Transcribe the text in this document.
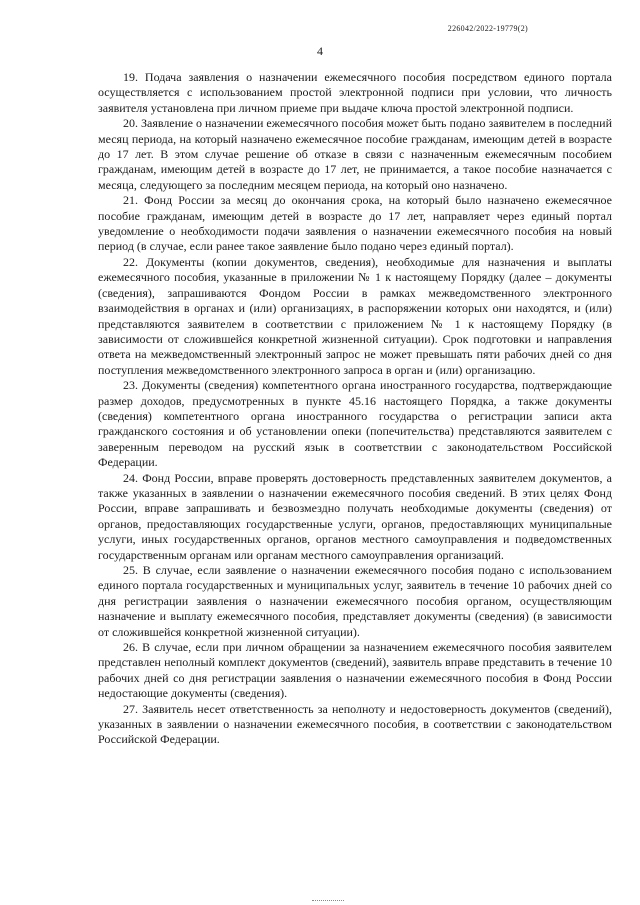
226042/2022-19779(2)
4

19. Подача заявления о назначении ежемесячного пособия посредством единого портала осуществляется с использованием простой электронной подписи при условии, что личность заявителя установлена при личном приеме при выдаче ключа простой электронной подписи.

20. Заявление о назначении ежемесячного пособия может быть подано заявителем в последний месяц периода, на который назначено ежемесячное пособие гражданам, имеющим детей в возрасте до 17 лет. В этом случае решение об отказе в связи с назначенным ежемесячным пособием гражданам, имеющим детей в возрасте до 17 лет, не принимается, а такое пособие назначается с месяца, следующего за последним месяцем периода, на который оно назначено.

21. Фонд России за месяц до окончания срока, на который было назначено ежемесячное пособие гражданам, имеющим детей в возрасте до 17 лет, направляет через единый портал уведомление о необходимости подачи заявления о назначении ежемесячного пособия на новый период (в случае, если ранее такое заявление было подано через единый портал).

22. Документы (копии документов, сведения), необходимые для назначения и выплаты ежемесячного пособия, указанные в приложении № 1 к настоящему Порядку (далее – документы (сведения), запрашиваются Фондом России в рамках межведомственного электронного взаимодействия в органах и (или) организациях, в распоряжении которых они находятся, и (или) представляются заявителем в соответствии с приложением № 1 к настоящему Порядку (в зависимости от сложившейся конкретной жизненной ситуации). Срок подготовки и направления ответа на межведомственный электронный запрос не может превышать пяти рабочих дней со дня поступления межведомственного электронного запроса в орган и (или) организацию.

23. Документы (сведения) компетентного органа иностранного государства, подтверждающие размер доходов, предусмотренных в пункте 45.16 настоящего Порядка, а также документы (сведения) компетентного органа иностранного государства о регистрации записи акта гражданского состояния и об установлении опеки (попечительства) представляются заявителем с заверенным переводом на русский язык в соответствии с законодательством Российской Федерации.

24. Фонд России, вправе проверять достоверность представленных заявителем документов, а также указанных в заявлении о назначении ежемесячного пособия сведений. В этих целях Фонд России, вправе запрашивать и безвозмездно получать необходимые документы (сведения) от органов, предоставляющих государственные услуги, органов, предоставляющих муниципальные услуги, иных государственных органов, органов местного самоуправления и подведомственных государственным органам или органам местного самоуправления организаций.

25. В случае, если заявление о назначении ежемесячного пособия подано с использованием единого портала государственных и муниципальных услуг, заявитель в течение 10 рабочих дней со дня регистрации заявления о назначении ежемесячного пособия органом, осуществляющим назначение и выплату ежемесячного пособия, представляет документы (сведения) (в зависимости от сложившейся конкретной жизненной ситуации).

26. В случае, если при личном обращении за назначением ежемесячного пособия заявителем представлен неполный комплект документов (сведений), заявитель вправе представить в течение 10 рабочих дней со дня регистрации заявления о назначении ежемесячного пособия в Фонд России недостающие документы (сведения).

27. Заявитель несет ответственность за неполноту и недостоверность документов (сведений), указанных в заявлении о назначении ежемесячного пособия, в соответствии с законодательством Российской Федерации.
